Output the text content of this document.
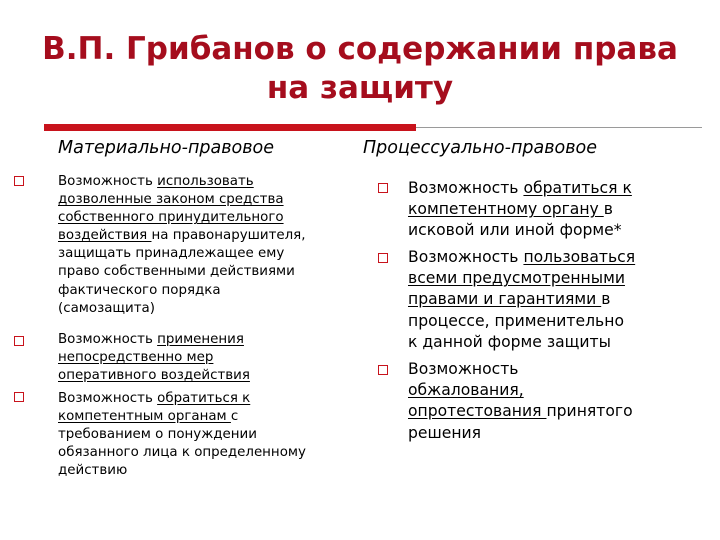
В.П. Грибанов о содержании права
на защиту
Материально-правовое	Процессуально-правовое
Возможность использовать
дозволенные законом средства
собственного принудительного
воздействия на правонарушителя,
защищать принадлежащее ему
право собственными действиями
фактического порядка
(самозащита)
Возможность применения
непосредственно мер
оперативного воздействия
Возможность обратиться к
компетентным органам с
требованием о понуждении
обязанного лица к определенному
действию
Возможность обратиться к
компетентному органу в
исковой или иной форме*
Возможность пользоваться
всеми предусмотренными
правами и гарантиями в
процессе, применительно
к данной форме защиты
Возможность
обжалования,
опротестования принятого
решения
